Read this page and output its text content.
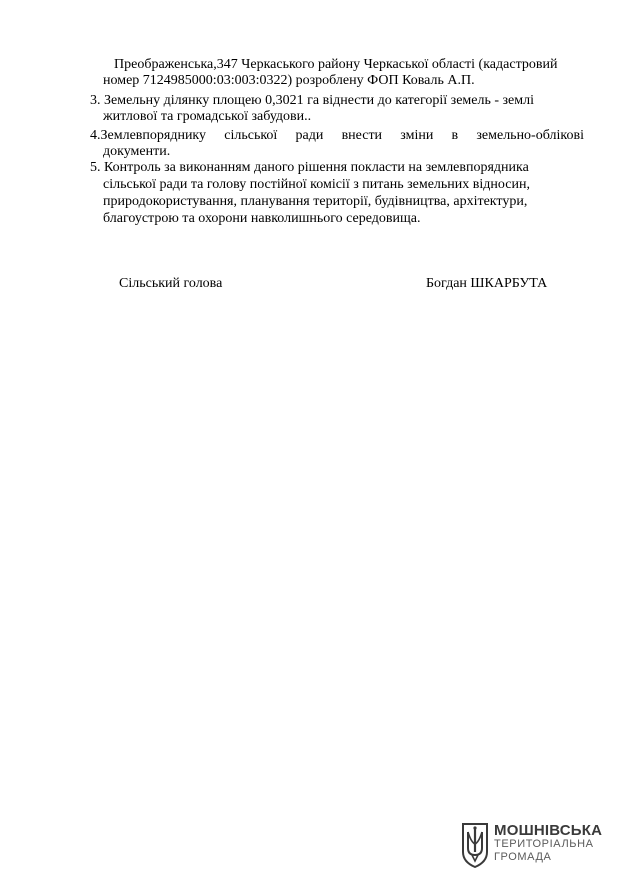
Преображенська,347 Черкаського району Черкаської області (кадастровий
номер 7124985000:03:003:0322) розроблену ФОП Коваль А.П.
3. Земельну ділянку площею 0,3021 га віднести до категорії земель - землі
житлової та громадської забудови..
4.Землевпоряднику сільської ради внести зміни в земельно-облікові
документи.
5. Контроль за виконанням даного рішення покласти на землевпорядника
сільської ради та голову постійної комісії з питань земельних відносин,
природокористування, планування території, будівництва, архітектури,
благоустрою та охорони навколишнього середовища.
Сільський голова	Богдан ШКАРБУТА
МОШНІВСЬКА
ТЕРИТОРІАЛЬНА
ГРОМАДА
